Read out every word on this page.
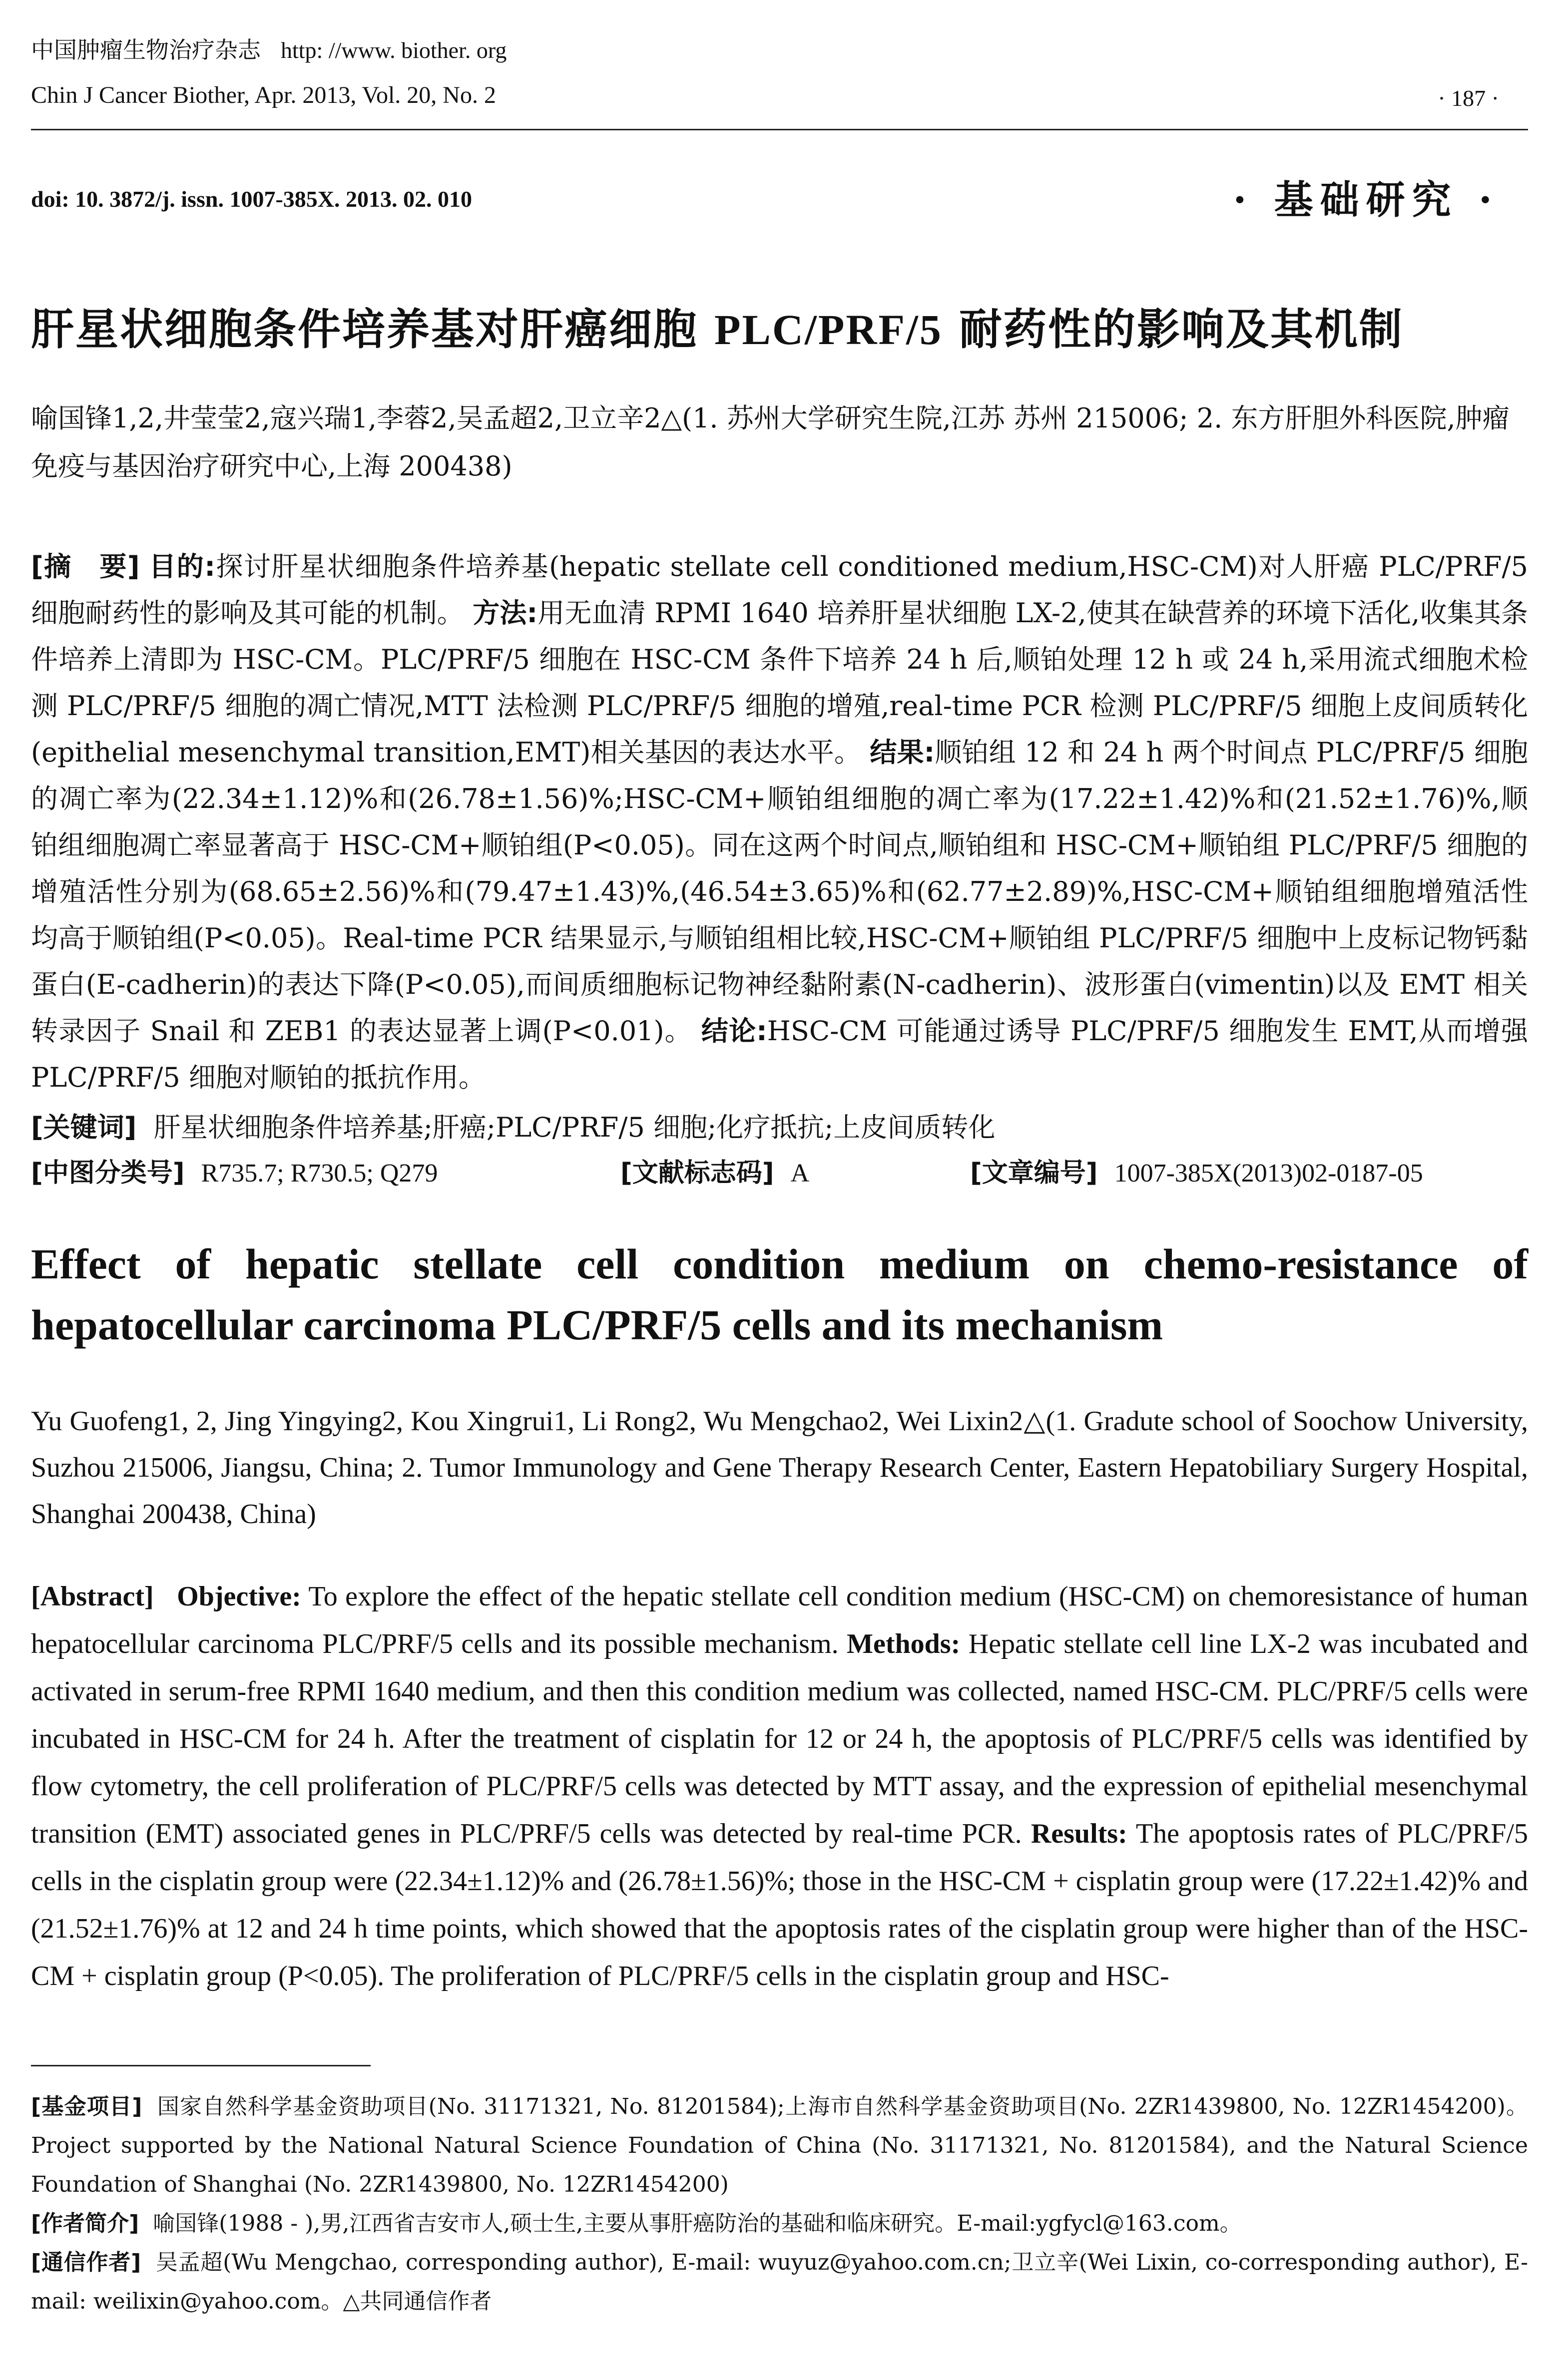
中国肿瘤生物治疗杂志 http: //www. biother. org
Chin J Cancer Biother, Apr. 2013, Vol. 20, No. 2	· 187 ·
doi: 10. 3872/j. issn. 1007-385X. 2013. 02. 010	· 基础研究 ·
肝星状细胞条件培养基对肝癌细胞 PLC/PRF/5 耐药性的影响及其机制
喻国锋1,2,井莹莹2,寇兴瑞1,李蓉2,吴孟超2,卫立辛2△(1. 苏州大学研究生院,江苏 苏州 215006; 2. 东方肝胆外科医院,肿瘤免疫与基因治疗研究中心,上海 200438)
[摘　要] 目的:探讨肝星状细胞条件培养基(hepatic stellate cell conditioned medium,HSC-CM)对人肝癌 PLC/PRF/5 细胞耐药性的影响及其可能的机制。 方法:用无血清 RPMI 1640 培养肝星状细胞 LX-2,使其在缺营养的环境下活化,收集其条件培养上清即为 HSC-CM。PLC/PRF/5 细胞在 HSC-CM 条件下培养 24 h 后,顺铂处理 12 h 或 24 h,采用流式细胞术检测 PLC/PRF/5 细胞的凋亡情况,MTT 法检测 PLC/PRF/5 细胞的增殖,real-time PCR 检测 PLC/PRF/5 细胞上皮间质转化(epithelial mesenchymal transition,EMT)相关基因的表达水平。 结果:顺铂组 12 和 24 h 两个时间点 PLC/PRF/5 细胞的凋亡率为(22.34±1.12)%和(26.78±1.56)%;HSC-CM+顺铂组细胞的凋亡率为(17.22±1.42)%和(21.52±1.76)%,顺铂组细胞凋亡率显著高于 HSC-CM+顺铂组(P<0.05)。同在这两个时间点,顺铂组和 HSC-CM+顺铂组 PLC/PRF/5 细胞的增殖活性分别为(68.65±2.56)%和(79.47±1.43)%,(46.54±3.65)%和(62.77±2.89)%,HSC-CM+顺铂组细胞增殖活性均高于顺铂组(P<0.05)。Real-time PCR 结果显示,与顺铂组相比较,HSC-CM+顺铂组 PLC/PRF/5 细胞中上皮标记物钙黏蛋白(E-cadherin)的表达下降(P<0.05),而间质细胞标记物神经黏附素(N-cadherin)、波形蛋白(vimentin)以及 EMT 相关转录因子 Snail 和 ZEB1 的表达显著上调(P<0.01)。 结论:HSC-CM 可能通过诱导 PLC/PRF/5 细胞发生 EMT,从而增强 PLC/PRF/5 细胞对顺铂的抵抗作用。
[关键词] 肝星状细胞条件培养基;肝癌;PLC/PRF/5 细胞;化疗抵抗;上皮间质转化
[中图分类号] R735.7; R730.5; Q279	[文献标志码] A	[文章编号] 1007-385X(2013)02-0187-05
Effect of hepatic stellate cell condition medium on chemo-resistance of
hepatocellular carcinoma PLC/PRF/5 cells and its mechanism
Yu Guofeng1, 2, Jing Yingying2, Kou Xingrui1, Li Rong2, Wu Mengchao2, Wei Lixin2△(1. Gradute school of Soochow University, Suzhou 215006, Jiangsu, China; 2. Tumor Immunology and Gene Therapy Research Center, Eastern Hepatobiliary Surgery Hospital, Shanghai 200438, China)
[Abstract] Objective: To explore the effect of the hepatic stellate cell condition medium (HSC-CM) on chemoresistance of human hepatocellular carcinoma PLC/PRF/5 cells and its possible mechanism. Methods: Hepatic stellate cell line LX-2 was incubated and activated in serum-free RPMI 1640 medium, and then this condition medium was collected, named HSC-CM. PLC/PRF/5 cells were incubated in HSC-CM for 24 h. After the treatment of cisplatin for 12 or 24 h, the apoptosis of PLC/PRF/5 cells was identified by flow cytometry, the cell proliferation of PLC/PRF/5 cells was detected by MTT assay, and the expression of epithelial mesenchymal transition (EMT) associated genes in PLC/PRF/5 cells was detected by real-time PCR. Results: The apoptosis rates of PLC/PRF/5 cells in the cisplatin group were (22.34±1.12)% and (26.78±1.56)%; those in the HSC-CM + cisplatin group were (17.22±1.42)% and (21.52±1.76)% at 12 and 24 h time points, which showed that the apoptosis rates of the cisplatin group were higher than of the HSC-CM + cisplatin group (P<0.05). The proliferation of PLC/PRF/5 cells in the cisplatin group and HSC-

[基金项目] 国家自然科学基金资助项目(No. 31171321, No. 81201584);上海市自然科学基金资助项目(No. 2ZR1439800, No. 12ZR1454200)。Project supported by the National Natural Science Foundation of China (No. 31171321, No. 81201584), and the Natural Science Foundation of Shanghai (No. 2ZR1439800, No. 12ZR1454200)

[作者简介] 喻国锋(1988 - ),男,江西省吉安市人,硕士生,主要从事肝癌防治的基础和临床研究。E-mail:ygfycl@163.com。

[通信作者] 吴孟超(Wu Mengchao, corresponding author), E-mail: wuyuz@yahoo.com.cn;卫立辛(Wei Lixin, co-corresponding author), E-mail: weilixin@yahoo.com。△共同通信作者
